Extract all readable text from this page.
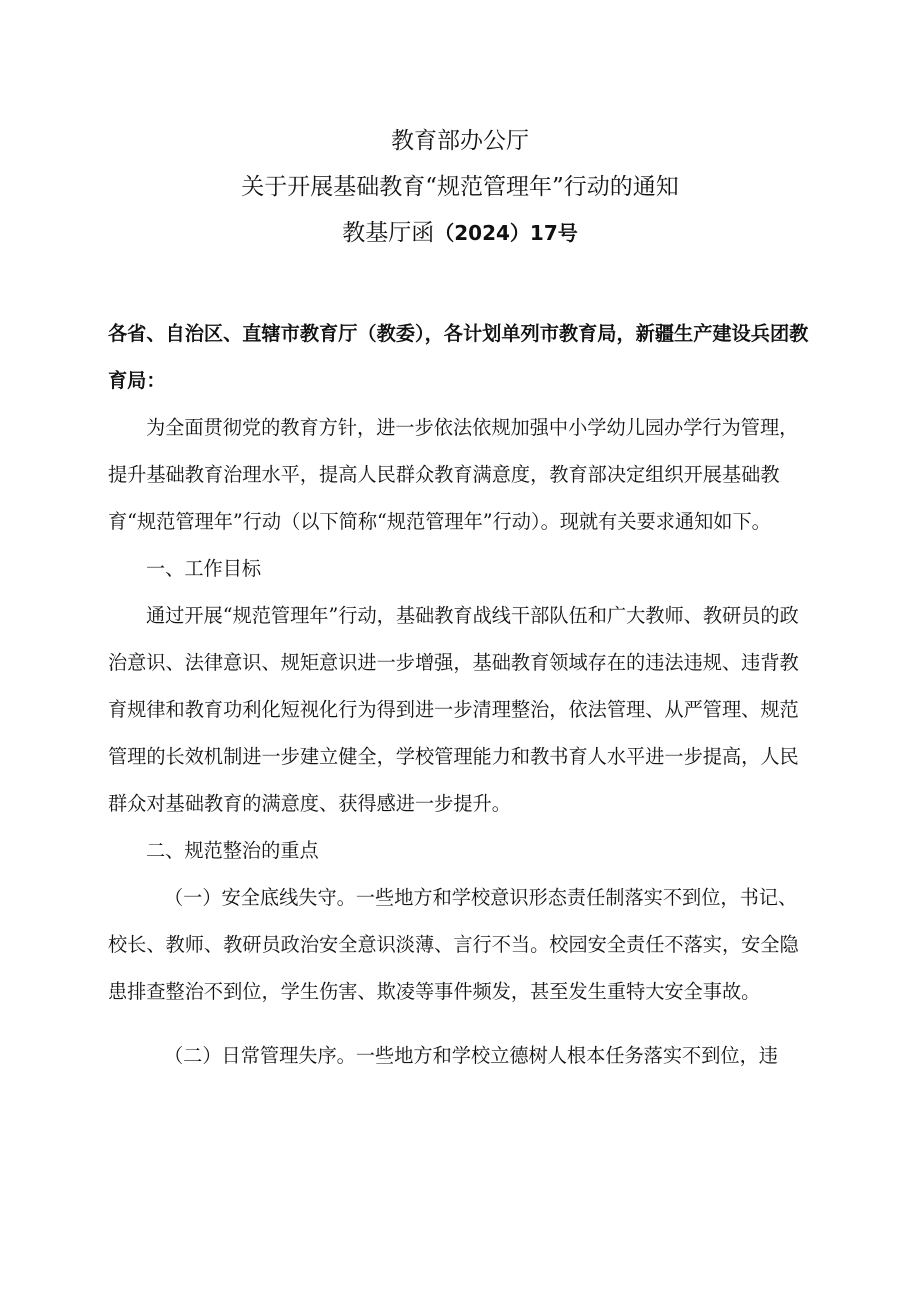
教育部办公厅
关于开展基础教育“规范管理年”行动的通知
教基厅函（2024）17号
各省、自治区、直辖市教育厅（教委），各计划单列市教育局，新疆生产建设兵团教育局：

为全面贯彻党的教育方针，进一步依法依规加强中小学幼儿园办学行为管理，提升基础教育治理水平，提高人民群众教育满意度，教育部决定组织开展基础教育“规范管理年”行动（以下简称“规范管理年”行动）。现就有关要求通知如下。

一、工作目标

通过开展“规范管理年”行动，基础教育战线干部队伍和广大教师、教研员的政治意识、法律意识、规矩意识进一步增强，基础教育领域存在的违法违规、违背教育规律和教育功利化短视化行为得到进一步清理整治，依法管理、从严管理、规范管理的长效机制进一步建立健全，学校管理能力和教书育人水平进一步提高，人民群众对基础教育的满意度、获得感进一步提升。

二、规范整治的重点

（一）安全底线失守。一些地方和学校意识形态责任制落实不到位，书记、校长、教师、教研员政治安全意识淡薄、言行不当。校园安全责任不落实，安全隐患排查整治不到位，学生伤害、欺凌等事件频发，甚至发生重特大安全事故。

（二）日常管理失序。一些地方和学校立德树人根本任务落实不到位，违
